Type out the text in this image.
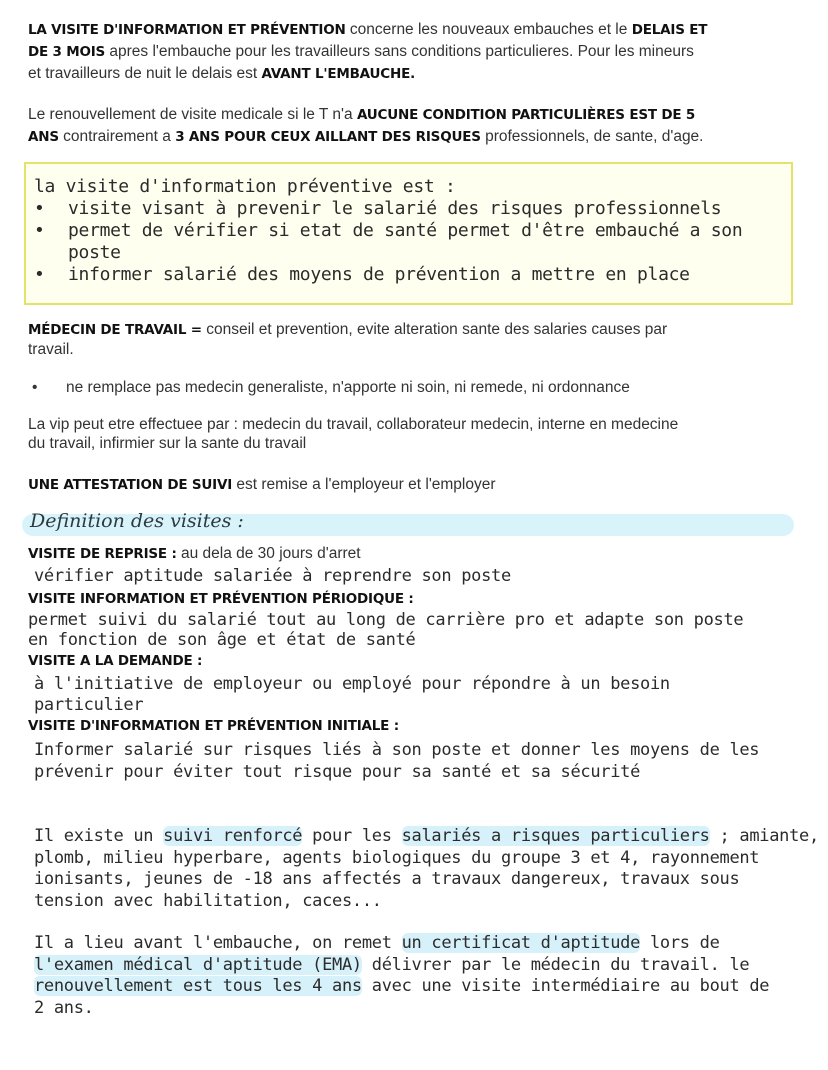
LA VISITE D'INFORMATION ET PRÉVENTION concerne les nouveaux embauches et le DELAIS ET
DE 3 MOIS apres l'embauche pour les travailleurs sans conditions particulieres. Pour les mineurs
et travailleurs de nuit le delais est AVANT L'EMBAUCHE.
Le renouvellement de visite medicale si le T n'a AUCUNE CONDITION PARTICULIÈRES EST DE 5
ANS contrairement a 3 ANS POUR CEUX AILLANT DES RISQUES professionnels, de sante, d'age.
la visite d'information préventive est :
• visite visant à prevenir le salarié des risques professionnels
• permet de vérifier si etat de santé permet d'être embauché a son
poste
• informer salarié des moyens de prévention a mettre en place
MÉDECIN DE TRAVAIL = conseil et prevention, evite alteration sante des salaries causes par
travail.
• ne remplace pas medecin generaliste, n'apporte ni soin, ni remede, ni ordonnance
La vip peut etre effectuee par : medecin du travail, collaborateur medecin, interne en medecine
du travail, infirmier sur la sante du travail
UNE ATTESTATION DE SUIVI est remise a l'employeur et l'employer
Definition des visites :
VISITE DE REPRISE : au dela de 30 jours d'arret
vérifier aptitude salariée à reprendre son poste
VISITE INFORMATION ET PRÉVENTION PÉRIODIQUE :
permet suivi du salarié tout au long de carrière pro et adapte son poste
en fonction de son âge et état de santé
VISITE A LA DEMANDE :
à l'initiative de employeur ou employé pour répondre à un besoin
particulier
VISITE D'INFORMATION ET PRÉVENTION INITIALE :
Informer salarié sur risques liés à son poste et donner les moyens de les
prévenir pour éviter tout risque pour sa santé et sa sécurité
Il existe un suivi renforcé pour les salariés a risques particuliers ; amiante,
plomb, milieu hyperbare, agents biologiques du groupe 3 et 4, rayonnement
ionisants, jeunes de -18 ans affectés a travaux dangereux, travaux sous
tension avec habilitation, caces...
Il a lieu avant l'embauche, on remet un certificat d'aptitude lors de
l'examen médical d'aptitude (EMA) délivrer par le médecin du travail. le
renouvellement est tous les 4 ans avec une visite intermédiaire au bout de
2 ans.
